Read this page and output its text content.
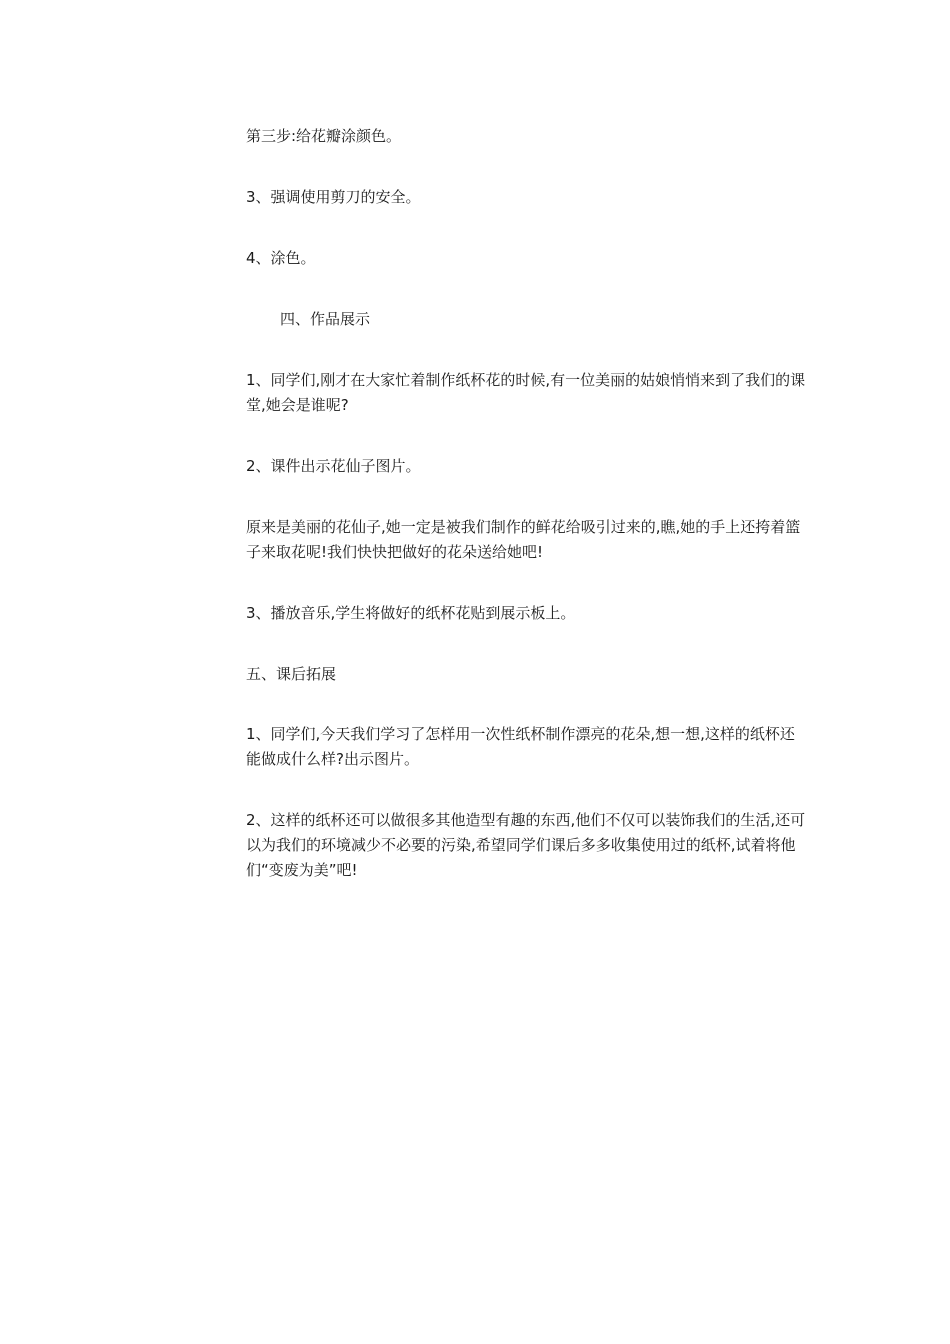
第三步:给花瓣涂颜色。

3、强调使用剪刀的安全。

4、涂色。

四、作品展示

1、同学们,刚才在大家忙着制作纸杯花的时候,有一位美丽的姑娘悄悄来到了我们的课堂,她会是谁呢?

2、课件出示花仙子图片。

原来是美丽的花仙子,她一定是被我们制作的鲜花给吸引过来的,瞧,她的手上还挎着篮子来取花呢!我们快快把做好的花朵送给她吧!

3、播放音乐,学生将做好的纸杯花贴到展示板上。

五、课后拓展

1、同学们,今天我们学习了怎样用一次性纸杯制作漂亮的花朵,想一想,这样的纸杯还能做成什么样?出示图片。

2、这样的纸杯还可以做很多其他造型有趣的东西,他们不仅可以装饰我们的生活,还可以为我们的环境减少不必要的污染,希望同学们课后多多收集使用过的纸杯,试着将他们“变废为美”吧!
